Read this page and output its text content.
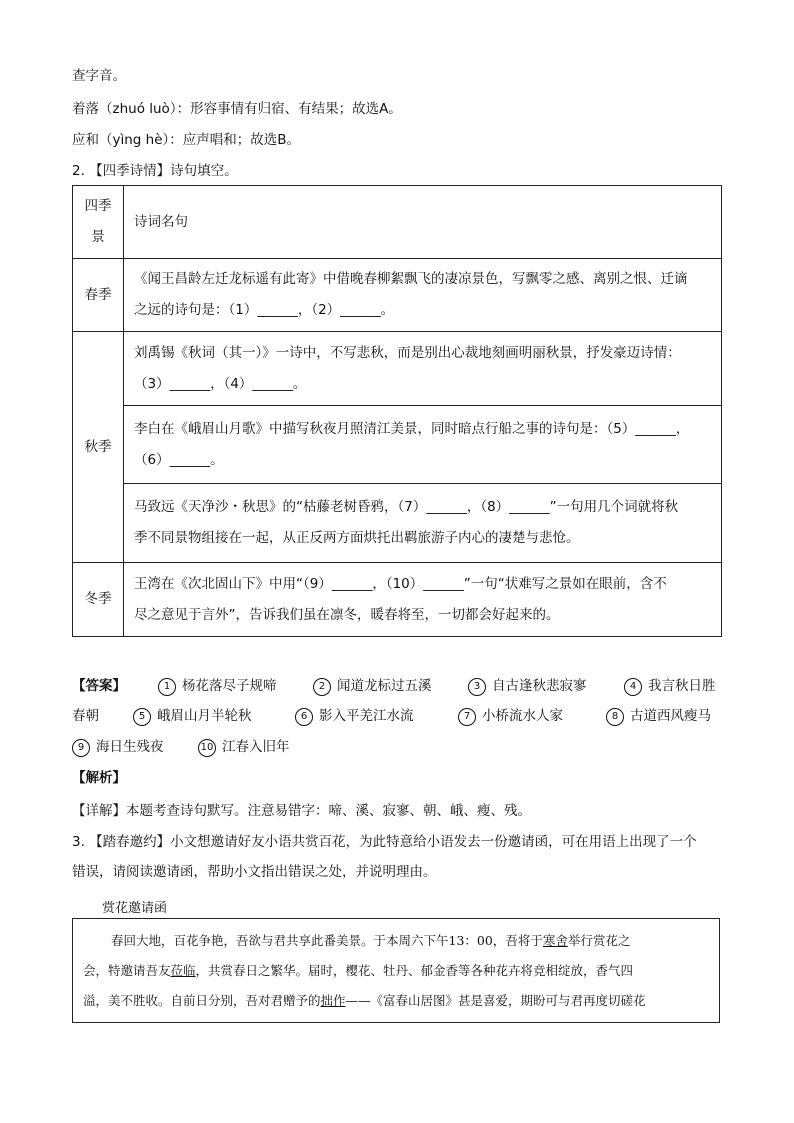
查字音。
着落（zhuó luò）：形容事情有归宿、有结果；故选A。
应和（yìng hè）：应声唱和；故选B。
2. 【四季诗情】诗句填空。
四季景	诗词名句
春季	《闻王昌龄左迁龙标遥有此寄》中借晚春柳絮飘飞的凄凉景色，写飘零之感、离别之恨、迁谪
之远的诗句是：（1）______，（2）______。

秋季	刘禹锡《秋词（其一）》一诗中，不写悲秋，而是别出心裁地刻画明丽秋景，抒发豪迈诗情：
（3）______，（4）______。

	李白在《峨眉山月歌》中描写秋夜月照清江美景，同时暗点行船之事的诗句是：（5）______，
（6）______。

	马致远《天净沙・秋思》的“枯藤老树昏鸦，（7）______，（8）______”一句用几个词就将秋
季不同景物组接在一起，从正反两方面烘托出羁旅游子内心的凄楚与悲怆。

冬季	王湾在《次北固山下》中用“（9）______，（10）______”一句“状难写之景如在眼前，含不
尽之意见于言外”，告诉我们虽在凛冬，暖春将至，一切都会好起来的。
【答案】	1 杨花落尽子规啼	2 闻道龙标过五溪	3 自古逢秋悲寂寥	4 我言秋日胜
春朝	5 峨眉山月半轮秋	6 影入平羌江水流	7 小桥流水人家	8 古道西风瘦马
9 海日生残夜	10 江春入旧年
【解析】
【详解】本题考查诗句默写。注意易错字：啼、溪、寂寥、朝、峨、瘦、残。
3. 【踏春邀约】小文想邀请好友小语共赏百花，为此特意给小语发去一份邀请函，可在用语上出现了一个
错误，请阅读邀请函，帮助小文指出错误之处，并说明理由。
赏花邀请函
春回大地，百花争艳，吾欲与君共享此番美景。于本周六下午13：00，吾将于寒舍举行赏花之
会，特邀请吾友莅临，共赏春日之繁华。届时，樱花、牡丹、郁金香等各种花卉将竞相绽放，香气四
溢，美不胜收。自前日分别，吾对君赠予的拙作——《富春山居图》甚是喜爱，期盼可与君再度切磋花
